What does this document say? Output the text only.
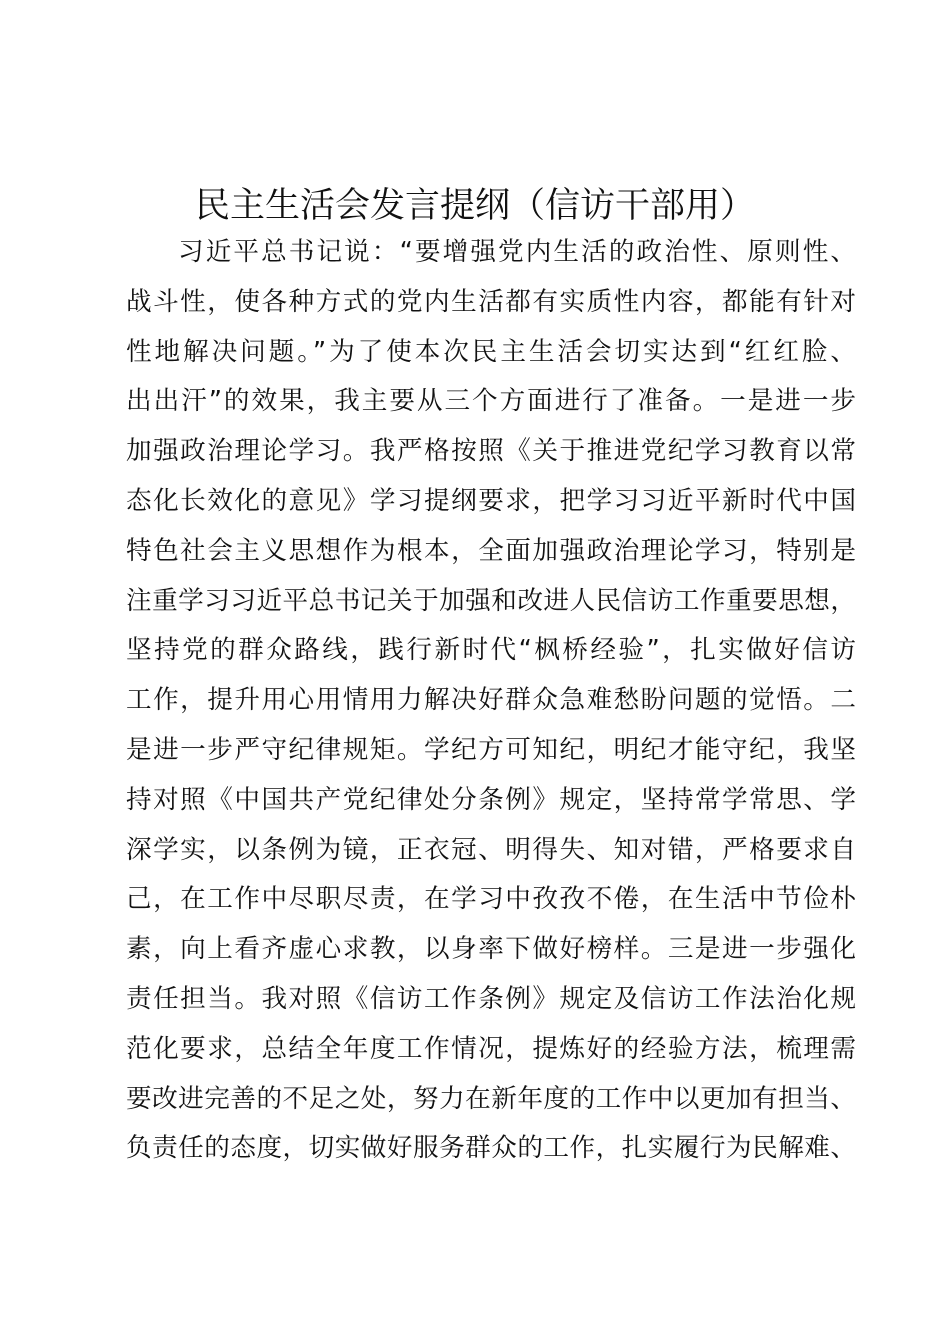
民主生活会发言提纲（信访干部用）
习近平总书记说：“要增强党内生活的政治性、原则性、
战斗性，使各种方式的党内生活都有实质性内容，都能有针对
性地解决问题。”为了使本次民主生活会切实达到“红红脸、
出出汗”的效果，我主要从三个方面进行了准备。一是进一步
加强政治理论学习。我严格按照《关于推进党纪学习教育以常
态化长效化的意见》学习提纲要求，把学习习近平新时代中国
特色社会主义思想作为根本，全面加强政治理论学习，特别是
注重学习习近平总书记关于加强和改进人民信访工作重要思想，
坚持党的群众路线，践行新时代“枫桥经验”，扎实做好信访
工作，提升用心用情用力解决好群众急难愁盼问题的觉悟。二
是进一步严守纪律规矩。学纪方可知纪，明纪才能守纪，我坚
持对照《中国共产党纪律处分条例》规定，坚持常学常思、学
深学实，以条例为镜，正衣冠、明得失、知对错，严格要求自
己，在工作中尽职尽责，在学习中孜孜不倦，在生活中节俭朴
素，向上看齐虚心求教，以身率下做好榜样。三是进一步强化
责任担当。我对照《信访工作条例》规定及信访工作法治化规
范化要求，总结全年度工作情况，提炼好的经验方法，梳理需
要改进完善的不足之处，努力在新年度的工作中以更加有担当、
负责任的态度，切实做好服务群众的工作，扎实履行为民解难、
